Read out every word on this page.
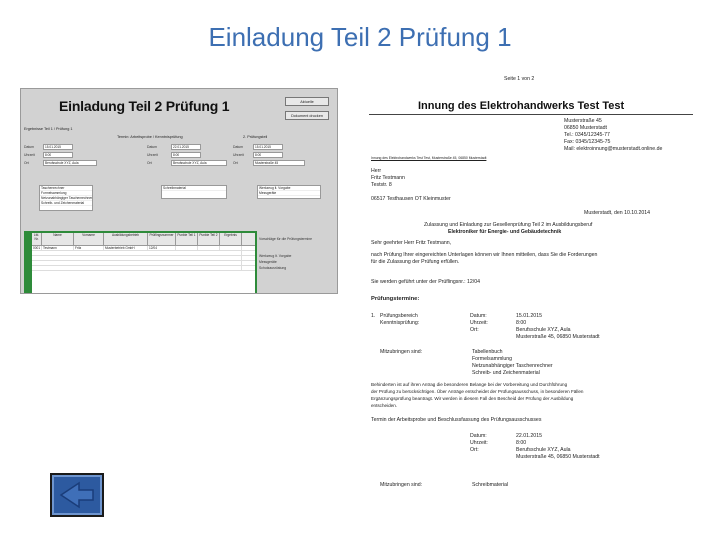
Einladung Teil 2 Prüfung 1
Einladung Teil 2 Prüfung 1	Aktuelle
Dokument drucken
Ergebnisse Teil 1 / Prüfung 1
Termin: Arbeitsprobe / Kenntnisprüfung	2. Prüfungsteil
Datum	15.01.2015
Uhrzeit	8:00
Ort	Berufsschule XYZ, Aula
Datum	22.01.2015
Uhrzeit	8:00
Ort	Berufsschule XYZ, Aula
Datum	15.01.2015
Uhrzeit	8:00
Ort	Musterstraße 45
Taschenrechner
Formelsammlung
Netzunabhängiger Taschenrechner
Schreib- und Zeichenmaterial
Schreibmaterial	Werkzeug lt. Vorgabe
Messgeräte
Lfd. Nr.
Name	Vorname	Ausbildungsbetrieb	Prüflingsnummer	Punkte Teil 1	Punkte Teil 2	Ergebnis
0001 Testmann	Fritz	Musterbetrieb GmbH	12/04
Vorschläge für die Prüfungstermine
Werkzeug lt. Vorgabe
Messgeräte
Schutzausrüstung
Seite 1 von 2
Innung des Elektrohandwerks Test Test
Musterstraße 45
06850 Musterstadt
Tel.: 0345/12345-77
Fax: 0345/12345-75
Mail: elektroinnung@musterstadt.online.de
Innung des Elektrohandwerks Test Test, Musterstraße 45, 06850 Musterstadt
Herr
Fritz Testmann
Teststr. 8
06517 Testhausen OT Kleinmuster
Musterstadt, den 10.10.2014
Zulassung und Einladung zur Gesellenprüfung Teil 2 im Ausbildungsberuf
Elektroniker für Energie- und Gebäudetechnik
Sehr geehrter Herr Fritz Testmann,
nach Prüfung Ihrer eingereichten Unterlagen können wir Ihnen mitteilen, dass Sie die Forderungen
für die Zulassung der Prüfung erfüllen.
Sie werden geführt unter der Prüflingsnr.: 12/04
Prüfungstermine:
1. Prüfungsbereich
Kenntnisprüfung:
Datum:	15.01.2015
Uhrzeit:	8:00
Ort:	Berufsschule XYZ, Aula
Musterstraße 45, 06850 Musterstadt
Mitzubringen sind:	Tabellenbuch
Formelsammlung
Netzunabhängiger Taschenrechner
Schreib- und Zeichenmaterial
Behinderten ist auf ihren Antrag die besonderen Belange bei der Vorbereitung und Durchführung
der Prüfung zu berücksichtigen. Über Anträge entscheidet der Prüfungsausschuss, in besonderen Fällen
Ergänzungsprüfung beantragt. Wir werden in diesem Fall den Bescheid der Prüfung der Ausbildung
entscheiden.
Termin der Arbeitsprobe und Beschlussfassung des Prüfungsausschusses
Datum:	22.01.2015
Uhrzeit:	8:00
Ort:	Berufsschule XYZ, Aula
Musterstraße 45, 06850 Musterstadt
Mitzubringen sind:	Schreibmaterial
